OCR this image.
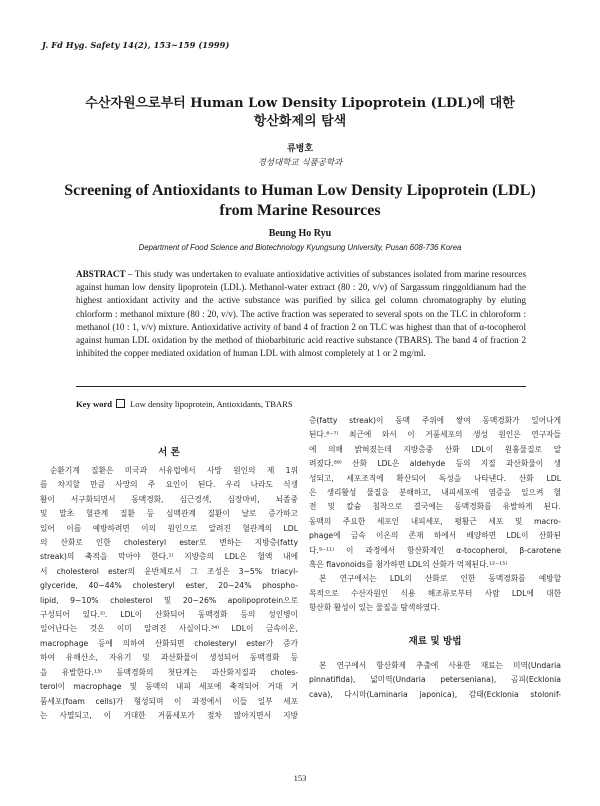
J. Fd Hyg. Safety 14(2), 153~159 (1999)
수산자원으로부터 Human Low Density Lipoprotein (LDL)에 대한
항산화제의 탐색
류병호
경성대학교 식품공학과
Screening of Antioxidants to Human Low Density Lipoprotein (LDL)
from Marine Resources
Beung Ho Ryu
Department of Food Science and Biotechnology Kyungsung University, Pusan 608-736 Korea
ABSTRACT – This study was undertaken to evaluate antioxidative activities of substances isolated from marine resources against human low density lipoprotein (LDL). Methanol-water extract (80 : 20, v/v) of Sargassum ringgoldianum had the highest antioxidant activity and the active substance was purified by silica gel column chromatography by eluting chlorform : methanol mixture (80 : 20, v/v). The active fraction was seperated to several spots on the TLC in chloroform : methanol (10 : 1, v/v) mixture. Antioxidative activity of band 4 of fraction 2 on TLC was highest than that of α-tocopherol against human LDL oxidation by the method of thiobarbituric acid reactive substance (TBARS). The band 4 of fraction 2 inhibited the copper mediated oxidation of human LDL with almost completely at 1 or 2 mg/ml.
Key word Low density lipoprotein, Antioxidants, TBARS
서 론
순환기계 질환은 미국과 서유럽에서 사망 원인의 제 1위
를 차지할 만큼 사망의 주 요인이 된다. 우리 나라도 식생
활이 서구화되면서 동맥경화, 심근경색, 심장마비, 뇌졸중
및 말초 혈관계 질환 등 심맥관계 질환이 날로 증가하고
있어 이를 예방하려면 이의 원인으로 알려진 혈관계의 LDL
의 산화로 인한 cholesteryl ester로 변하는 지방층(fatty
streak)의 축적을 막아야 한다.¹⁾ 지방층의 LDL은 혈액 내에
서 cholesterol ester의 운반체로서 그 조성은 3~5% triacyl-
glyceride, 40~44% cholesteryl ester, 20~24% phospho-
lipid, 9~10% cholesterol 및 20~26% apolipoprotein으로
구성되어 있다.²⁾. LDL이 산화되어 동맥경화 등의 성인병이
일어난다는 것은 이미 알려진 사실이다.³⁴⁾ LDL이 금속이온,
macrophage 등에 의하여 산화되면 cholesteryl ester가 증가
하여 유해산소, 자유기 및 과산화물이 생성되어 동맥경화 등
을 유발한다.¹³⁾ 동맥경화의 첫단계는 과산화지질과 choles-
terol이 macrophage 및 동맥의 내피 세포에 축적되어 거대 거
품세포(foam cells)가 형성되며 이 과정에서 이들 일부 세포
는 사멸되고, 이 거대한 거품세포가 점차 많아지면서 지방
층(fatty streak)이 동맥 주위에 쌓여 동맥경화가 일어나게
된다.⁶⁻⁷⁾ 최근에 와서 이 거품세포의 생성 원인은 연구자들
에 의해 밝혀졌는데 지방층중 산화 LDL이 원흉물질로 알
려졌다.⁸⁹⁾ 산화 LDL은 aldehyde 등의 지질 과산화물이 생
성되고, 세포조직에 확산되어 독성을 나타낸다. 산화 LDL
은 생리활성 물질을 분해하고, 내피세포에 염증을 일으켜 혈
전 및 칼슘 침착으로 결국에는 동맥경화를 유발하게 된다.
동맥의 주요한 세포인 내피세포, 평활근 세포 및 macro-
phage에 금속 이온의 존재 하에서 배양하면 LDL이 산화된
다.⁹⁻¹¹⁾ 이 과정에서 항산화제인 α-tocopherol, β-carotene
혹은 flavonoids를 첨가하면 LDL의 산화가 억제된다.¹²⁻¹⁵⁾
본 연구에서는 LDL의 산화로 인한 동맥경화를 예방할
목적으로 수산자원인 식용 해조류로부터 사람 LDL에 대한
항산화 활성이 있는 물질을 탐색하였다.
재료 및 방법
본 연구에서 항산화제 추출에 사용한 재료는 미역(Undaria
pinnatifida), 넓미역(Undaria peterseniana), 곰피(Ecklonia
cava), 다시마(Laminaria japonica), 감태(Ecklonia stolonif-
153
